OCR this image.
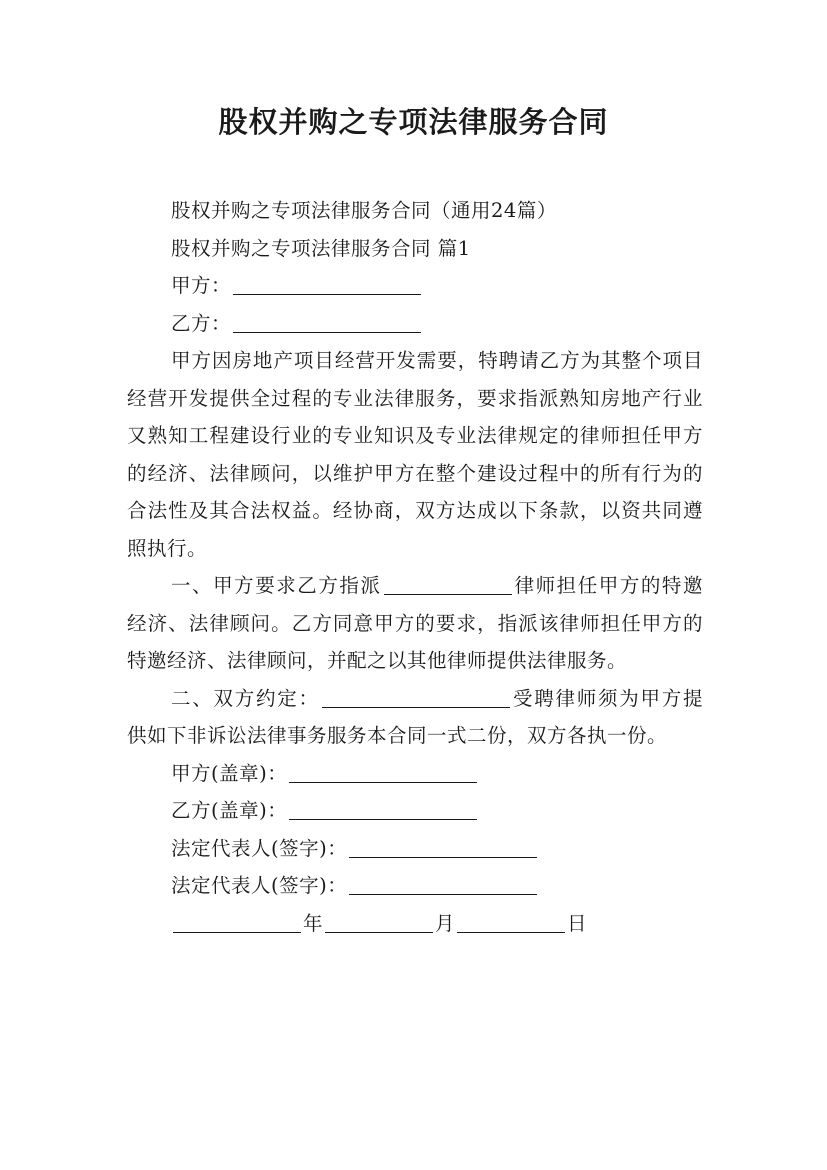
股权并购之专项法律服务合同

股权并购之专项法律服务合同（通用24篇）

股权并购之专项法律服务合同 篇1

甲方：

乙方：

甲方因房地产项目经营开发需要，特聘请乙方为其整个项目经营开发提供全过程的专业法律服务，要求指派熟知房地产行业又熟知工程建设行业的专业知识及专业法律规定的律师担任甲方的经济、法律顾问，以维护甲方在整个建设过程中的所有行为的合法性及其合法权益。经协商，双方达成以下条款，以资共同遵照执行。

一、甲方要求乙方指派	律师担任甲方的特邀经济、法律顾问。乙方同意甲方的要求，指派该律师担任甲方的特邀经济、法律顾问，并配之以其他律师提供法律服务。

二、双方约定：	受聘律师须为甲方提供如下非诉讼法律事务服务本合同一式二份，双方各执一份。

甲方(盖章)：

乙方(盖章)：

法定代表人(签字)：

法定代表人(签字)：

年	月	日
